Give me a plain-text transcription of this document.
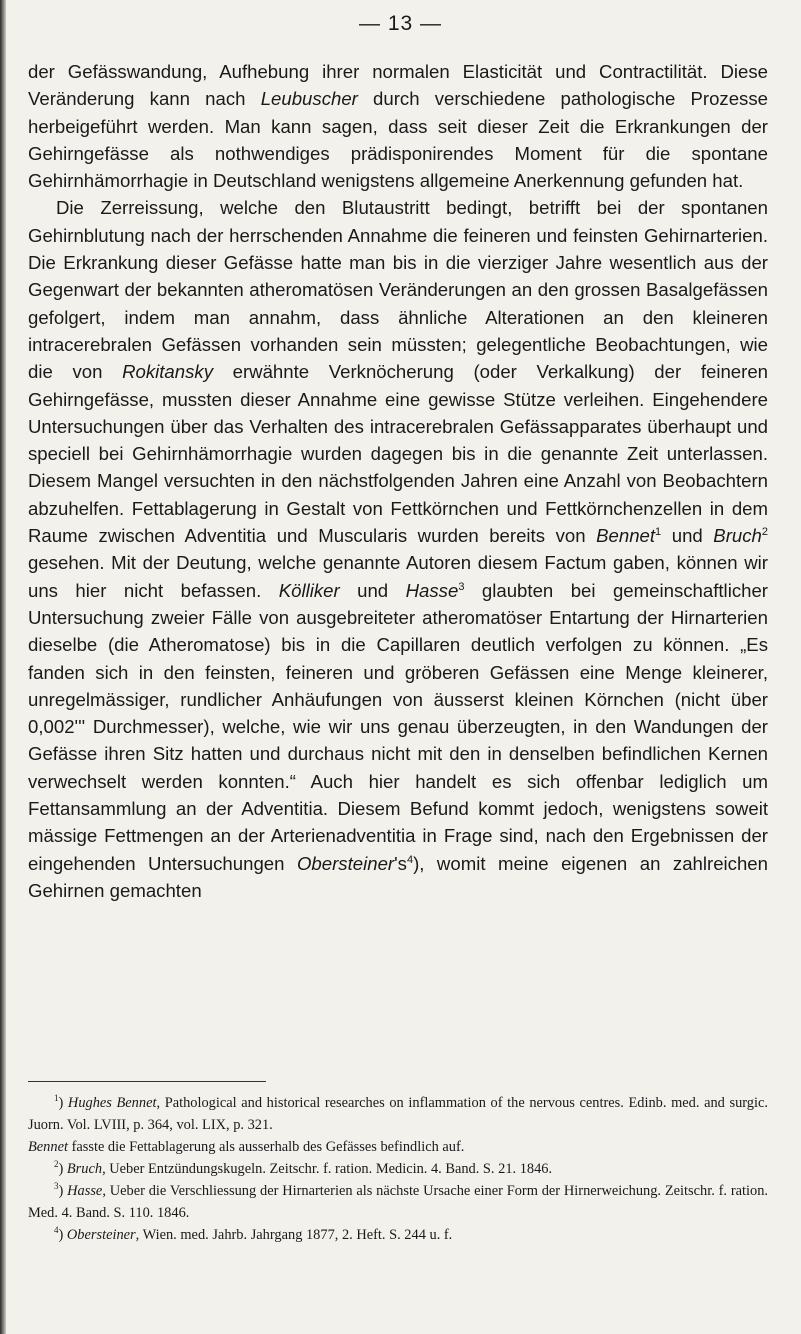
— 13 —

der Gefässwandung, Aufhebung ihrer normalen Elasticität und Contractilität. Diese Veränderung kann nach Leubuscher durch verschiedene pathologische Prozesse herbeigeführt werden. Man kann sagen, dass seit dieser Zeit die Erkrankungen der Gehirngefässe als nothwendiges prädisponirendes Moment für die spontane Gehirnhämorrhagie in Deutschland wenigstens allgemeine Anerkennung gefunden hat.

Die Zerreissung, welche den Blutaustritt bedingt, betrifft bei der spontanen Gehirnblutung nach der herrschenden Annahme die feineren und feinsten Gehirnarterien. Die Erkrankung dieser Gefässe hatte man bis in die vierziger Jahre wesentlich aus der Gegenwart der bekannten atheromatösen Veränderungen an den grossen Basalgefässen gefolgert, indem man annahm, dass ähnliche Alterationen an den kleineren intracerebralen Gefässen vorhanden sein müssten; gelegentliche Beobachtungen, wie die von Rokitansky erwähnte Verknöcherung (oder Verkalkung) der feineren Gehirngefässe, mussten dieser Annahme eine gewisse Stütze verleihen. Eingehendere Untersuchungen über das Verhalten des intracerebralen Gefässapparates überhaupt und speciell bei Gehirnhämorrhagie wurden dagegen bis in die genannte Zeit unterlassen. Diesem Mangel versuchten in den nächstfolgenden Jahren eine Anzahl von Beobachtern abzuhelfen. Fettablagerung in Gestalt von Fettkörnchen und Fettkörnchenzellen in dem Raume zwischen Adventitia und Muscularis wurden bereits von Bennet$^1$ und Bruch$^2$ gesehen. Mit der Deutung, welche genannte Autoren diesem Factum gaben, können wir uns hier nicht befassen. Kölliker und Hasse$^3$ glaubten bei gemeinschaftlicher Untersuchung zweier Fälle von ausgebreiteter atheromatöser Entartung der Hirnarterien dieselbe (die Atheromatose) bis in die Capillaren deutlich verfolgen zu können. „Es fanden sich in den feinsten, feineren und gröberen Gefässen eine Menge kleinerer, unregelmässiger, rundlicher Anhäufungen von äusserst kleinen Körnchen (nicht über 0,002''' Durchmesser), welche, wie wir uns genau überzeugten, in den Wandungen der Gefässe ihren Sitz hatten und durchaus nicht mit den in denselben befindlichen Kernen verwechselt werden konnten.“ Auch hier handelt es sich offenbar lediglich um Fettansammlung an der Adventitia. Diesem Befund kommt jedoch, wenigstens soweit mässige Fettmengen an der Arterienadventitia in Frage sind, nach den Ergebnissen der eingehenden Untersuchungen $Obersteiner's^4$), womit meine eigenen an zahlreichen Gehirnen gemachten

$^1$) Hughes Bennet, Pathological and historical researches on inflammation of the nervous centres. Edinb. med. and surgic. Juorn. Vol. LVIII, p. 364, vol. LIX, p. 321.

Bennet fasste die Fettablagerung als ausserhalb des Gefässes befindlich auf.

$^2$) Bruch, Ueber Entzündungskugeln. Zeitschr. f. ration. Medicin. 4. Band. S. 21. 1846.

$^3$) Hasse, Ueber die Verschliessung der Hirnarterien als nächste Ursache einer Form der Hirnerweichung. Zeitschr. f. ration. Med. 4. Band. S. 110. 1846.

$^4$) Obersteiner, Wien. med. Jahrb. Jahrgang 1877, 2. Heft. S. 244 u. f.
